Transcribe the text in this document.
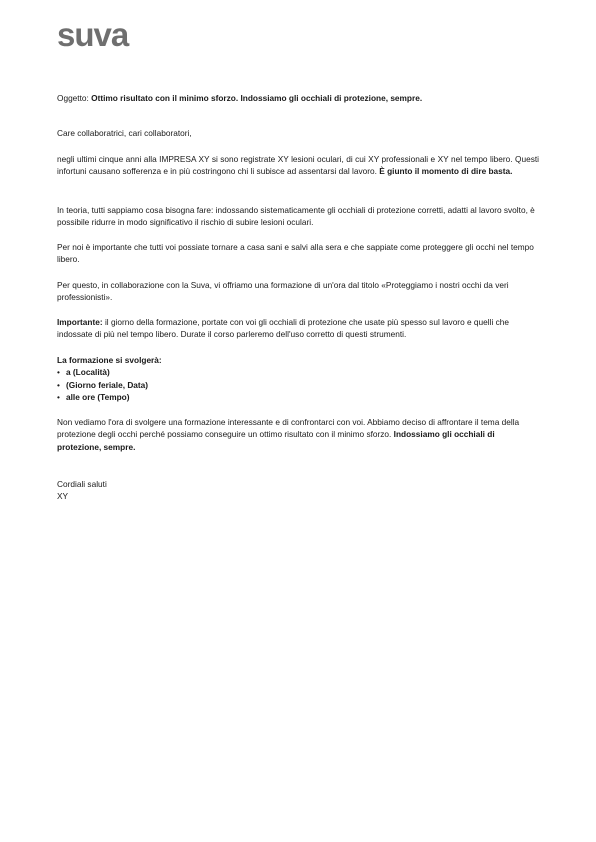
suva

Oggetto: Ottimo risultato con il minimo sforzo. Indossiamo gli occhiali di protezione, sempre.

Care collaboratrici, cari collaboratori,

negli ultimi cinque anni alla IMPRESA XY si sono registrate XY lesioni oculari, di cui XY professionali e XY nel tempo libero. Questi infortuni causano sofferenza e in più costringono chi li subisce ad assentarsi dal lavoro. È giunto il momento di dire basta.

In teoria, tutti sappiamo cosa bisogna fare: indossando sistematicamente gli occhiali di protezione corretti, adatti al lavoro svolto, è possibile ridurre in modo significativo il rischio di subire lesioni oculari.

Per noi è importante che tutti voi possiate tornare a casa sani e salvi alla sera e che sappiate come proteggere gli occhi nel tempo libero.

Per questo, in collaborazione con la Suva, vi offriamo una formazione di un'ora dal titolo «Proteggiamo i nostri occhi da veri professionisti».

Importante: il giorno della formazione, portate con voi gli occhiali di protezione che usate più spesso sul lavoro e quelli che indossate di più nel tempo libero. Durate il corso parleremo dell'uso corretto di questi strumenti.

La formazione si svolgerà:
• a (Località)
• (Giorno feriale, Data)
• alle ore (Tempo)

Non vediamo l'ora di svolgere una formazione interessante e di confrontarci con voi. Abbiamo deciso di affrontare il tema della protezione degli occhi perché possiamo conseguire un ottimo risultato con il minimo sforzo. Indossiamo gli occhiali di protezione, sempre.

Cordiali saluti
XY
